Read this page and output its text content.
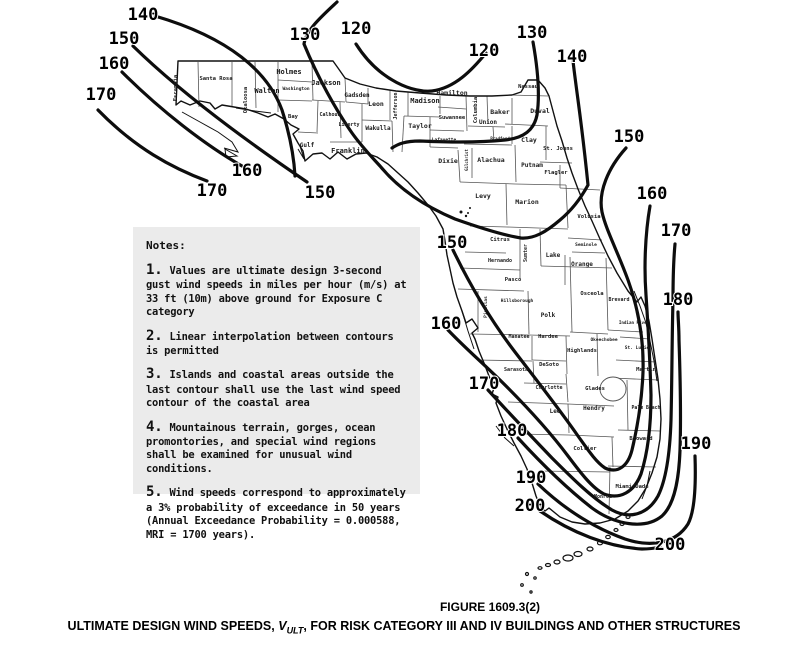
Escambia	Santa Rosa
Okaloosa Walton
Holmes
Washington
Jackson
Bay	Calhoun
Gulf
Liberty
Franklin
Gadsden
Leon
Wakulla
Jefferson Madison
Taylor
Hamilton
Suwannee
Lafayette
Columbia Baker
Nassau
Duval
Union
Bradford Clay
St. Johns
Gilchrist Alachua
Putnam
Flagler
Dixie
Levy
Marion
Volusia
Citrus
Sumter	Lake
Seminole
Orange
Hernando
Pasco
Pinellas	Hillsborough
Polk
Osceola
Brevard
Manatee Hardee
Okeechobee
Indian River
St. Lucie
Highlands
Sarasota
DeSoto
Charlotte	Glades
Martin
Lee	Hendry	Palm Beach
Collier
Broward
Miami/Dade
Monroe
140
150
160
170
130 120
120
130
140
170
160
150
150
160
170
180
190
200
150
160
170
180
190
200
Notes:
1. Values are ultimate design 3-second gust wind speeds in miles per hour (m/s) at 33 ft (10m) above ground for Exposure C category
2. Linear interpolation between contours is permitted
3. Islands and coastal areas outside the last contour shall use the last wind speed contour of the coastal area
4. Mountainous terrain, gorges, ocean promontories, and special wind regions shall be examined for unusual wind conditions.
5. Wind speeds correspond to approximately a 3% probability of exceedance in 50 years (Annual Exceedance Probability = 0.000588, MRI = 1700 years).
FIGURE 1609.3(2)
ULTIMATE DESIGN WIND SPEEDS, $V_{ULT}$, FOR RISK CATEGORY III AND IV BUILDINGS AND OTHER STRUCTURES
